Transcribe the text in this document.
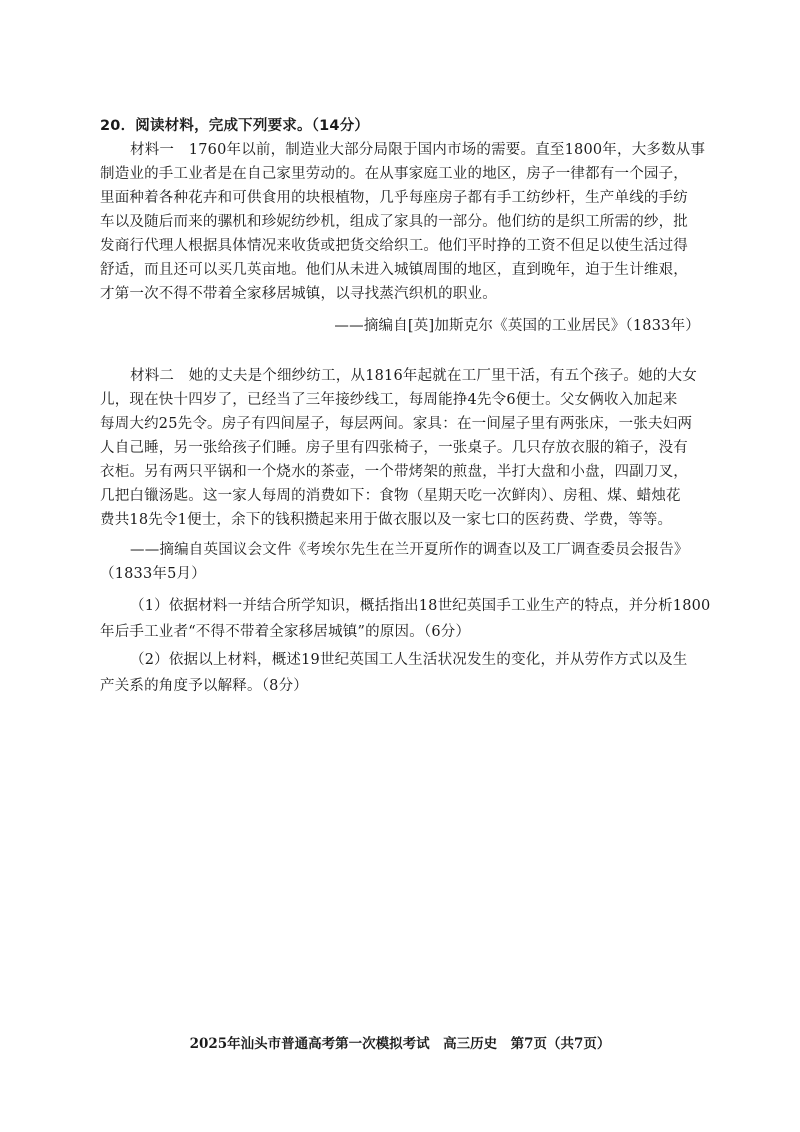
20．阅读材料，完成下列要求。（14分）
材料一　1760年以前，制造业大部分局限于国内市场的需要。直至1800年，大多数从事
制造业的手工业者是在自己家里劳动的。在从事家庭工业的地区，房子一律都有一个园子，
里面种着各种花卉和可供食用的块根植物，几乎每座房子都有手工纺纱杆，生产单线的手纺
车以及随后而来的骡机和珍妮纺纱机，组成了家具的一部分。他们纺的是织工所需的纱，批
发商行代理人根据具体情况来收货或把货交给织工。他们平时挣的工资不但足以使生活过得
舒适，而且还可以买几英亩地。他们从未进入城镇周围的地区，直到晚年，迫于生计维艰，
才第一次不得不带着全家移居城镇，以寻找蒸汽织机的职业。
——摘编自[英]加斯克尔《英国的工业居民》（1833年）
材料二　她的丈夫是个细纱纺工，从1816年起就在工厂里干活，有五个孩子。她的大女
儿，现在快十四岁了，已经当了三年接纱线工，每周能挣4先令6便士。父女俩收入加起来
每周大约25先令。房子有四间屋子，每层两间。家具：在一间屋子里有两张床，一张夫妇两
人自己睡，另一张给孩子们睡。房子里有四张椅子，一张桌子。几只存放衣服的箱子，没有
衣柜。另有两只平锅和一个烧水的茶壶，一个带烤架的煎盘，半打大盘和小盘，四副刀叉，
几把白镴汤匙。这一家人每周的消费如下：食物（星期天吃一次鲜肉）、房租、煤、蜡烛花
费共18先令1便士，余下的钱积攒起来用于做衣服以及一家七口的医药费、学费，等等。
——摘编自英国议会文件《考埃尔先生在兰开夏所作的调查以及工厂调查委员会报告》
（1833年5月）
（1）依据材料一并结合所学知识，概括指出18世纪英国手工业生产的特点，并分析1800
年后手工业者“不得不带着全家移居城镇”的原因。（6分）
（2）依据以上材料，概述19世纪英国工人生活状况发生的变化，并从劳作方式以及生
产关系的角度予以解释。（8分）
2025年汕头市普通高考第一次模拟考试　高三历史　第7页（共7页）
